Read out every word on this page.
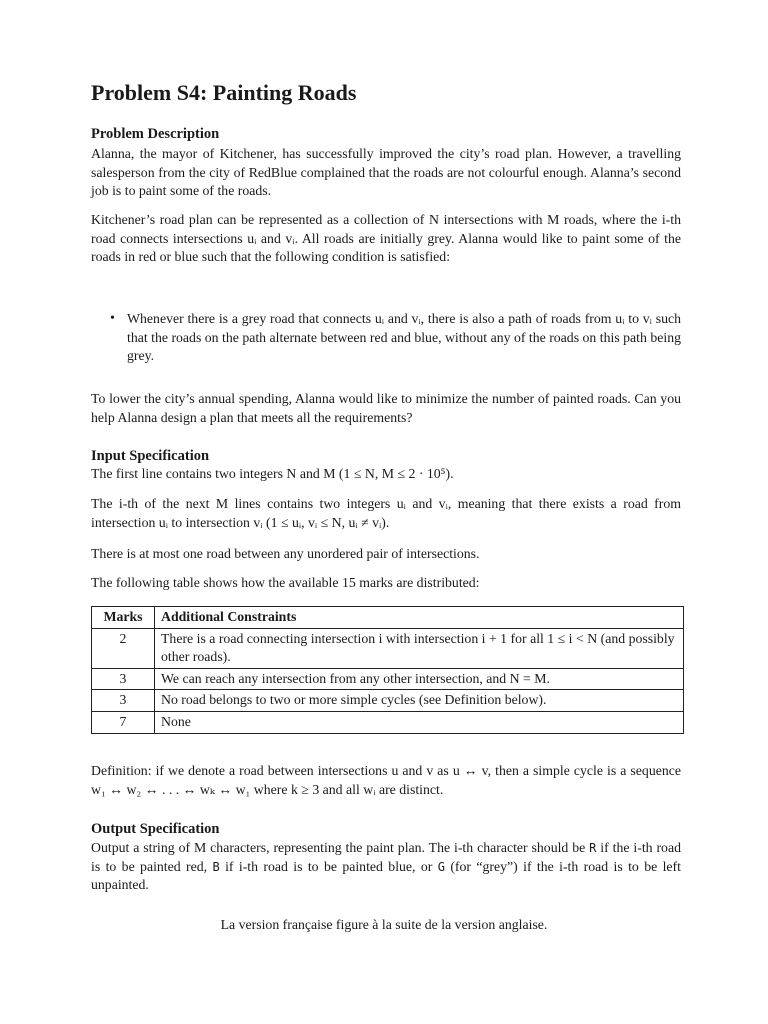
Problem S4: Painting Roads
Problem Description
Alanna, the mayor of Kitchener, has successfully improved the city’s road plan. However, a travelling salesperson from the city of RedBlue complained that the roads are not colourful enough. Alanna’s second job is to paint some of the roads.
Kitchener’s road plan can be represented as a collection of N intersections with M roads, where the i-th road connects intersections uᵢ and vᵢ. All roads are initially grey. Alanna would like to paint some of the roads in red or blue such that the following condition is satisfied:
• Whenever there is a grey road that connects uᵢ and vᵢ, there is also a path of roads from uᵢ to vᵢ such that the roads on the path alternate between red and blue, without any of the roads on this path being grey.
To lower the city’s annual spending, Alanna would like to minimize the number of painted roads. Can you help Alanna design a plan that meets all the requirements?
Input Specification
The first line contains two integers N and M (1 ≤ N, M ≤ 2 · 10⁵).
The i-th of the next M lines contains two integers uᵢ and vᵢ, meaning that there exists a road from intersection uᵢ to intersection vᵢ (1 ≤ uᵢ, vᵢ ≤ N, uᵢ ≠ vᵢ).
There is at most one road between any unordered pair of intersections.
The following table shows how the available 15 marks are distributed:
Marks	Additional Constraints
2	There is a road connecting intersection i with intersection i + 1 for all 1 ≤ i < N (and possibly other roads).
3	We can reach any intersection from any other intersection, and N = M.
3	No road belongs to two or more simple cycles (see Definition below).
7	None
Definition: if we denote a road between intersections u and v as u ↔ v, then a simple cycle is a sequence w₁ ↔ w₂ ↔ . . . ↔ wₖ ↔ w₁ where k ≥ 3 and all wᵢ are distinct.
Output Specification
Output a string of M characters, representing the paint plan. The i-th character should be R if the i-th road is to be painted red, B if i-th road is to be painted blue, or G (for “grey”) if the i-th road is to be left unpainted.
La version française figure à la suite de la version anglaise.
